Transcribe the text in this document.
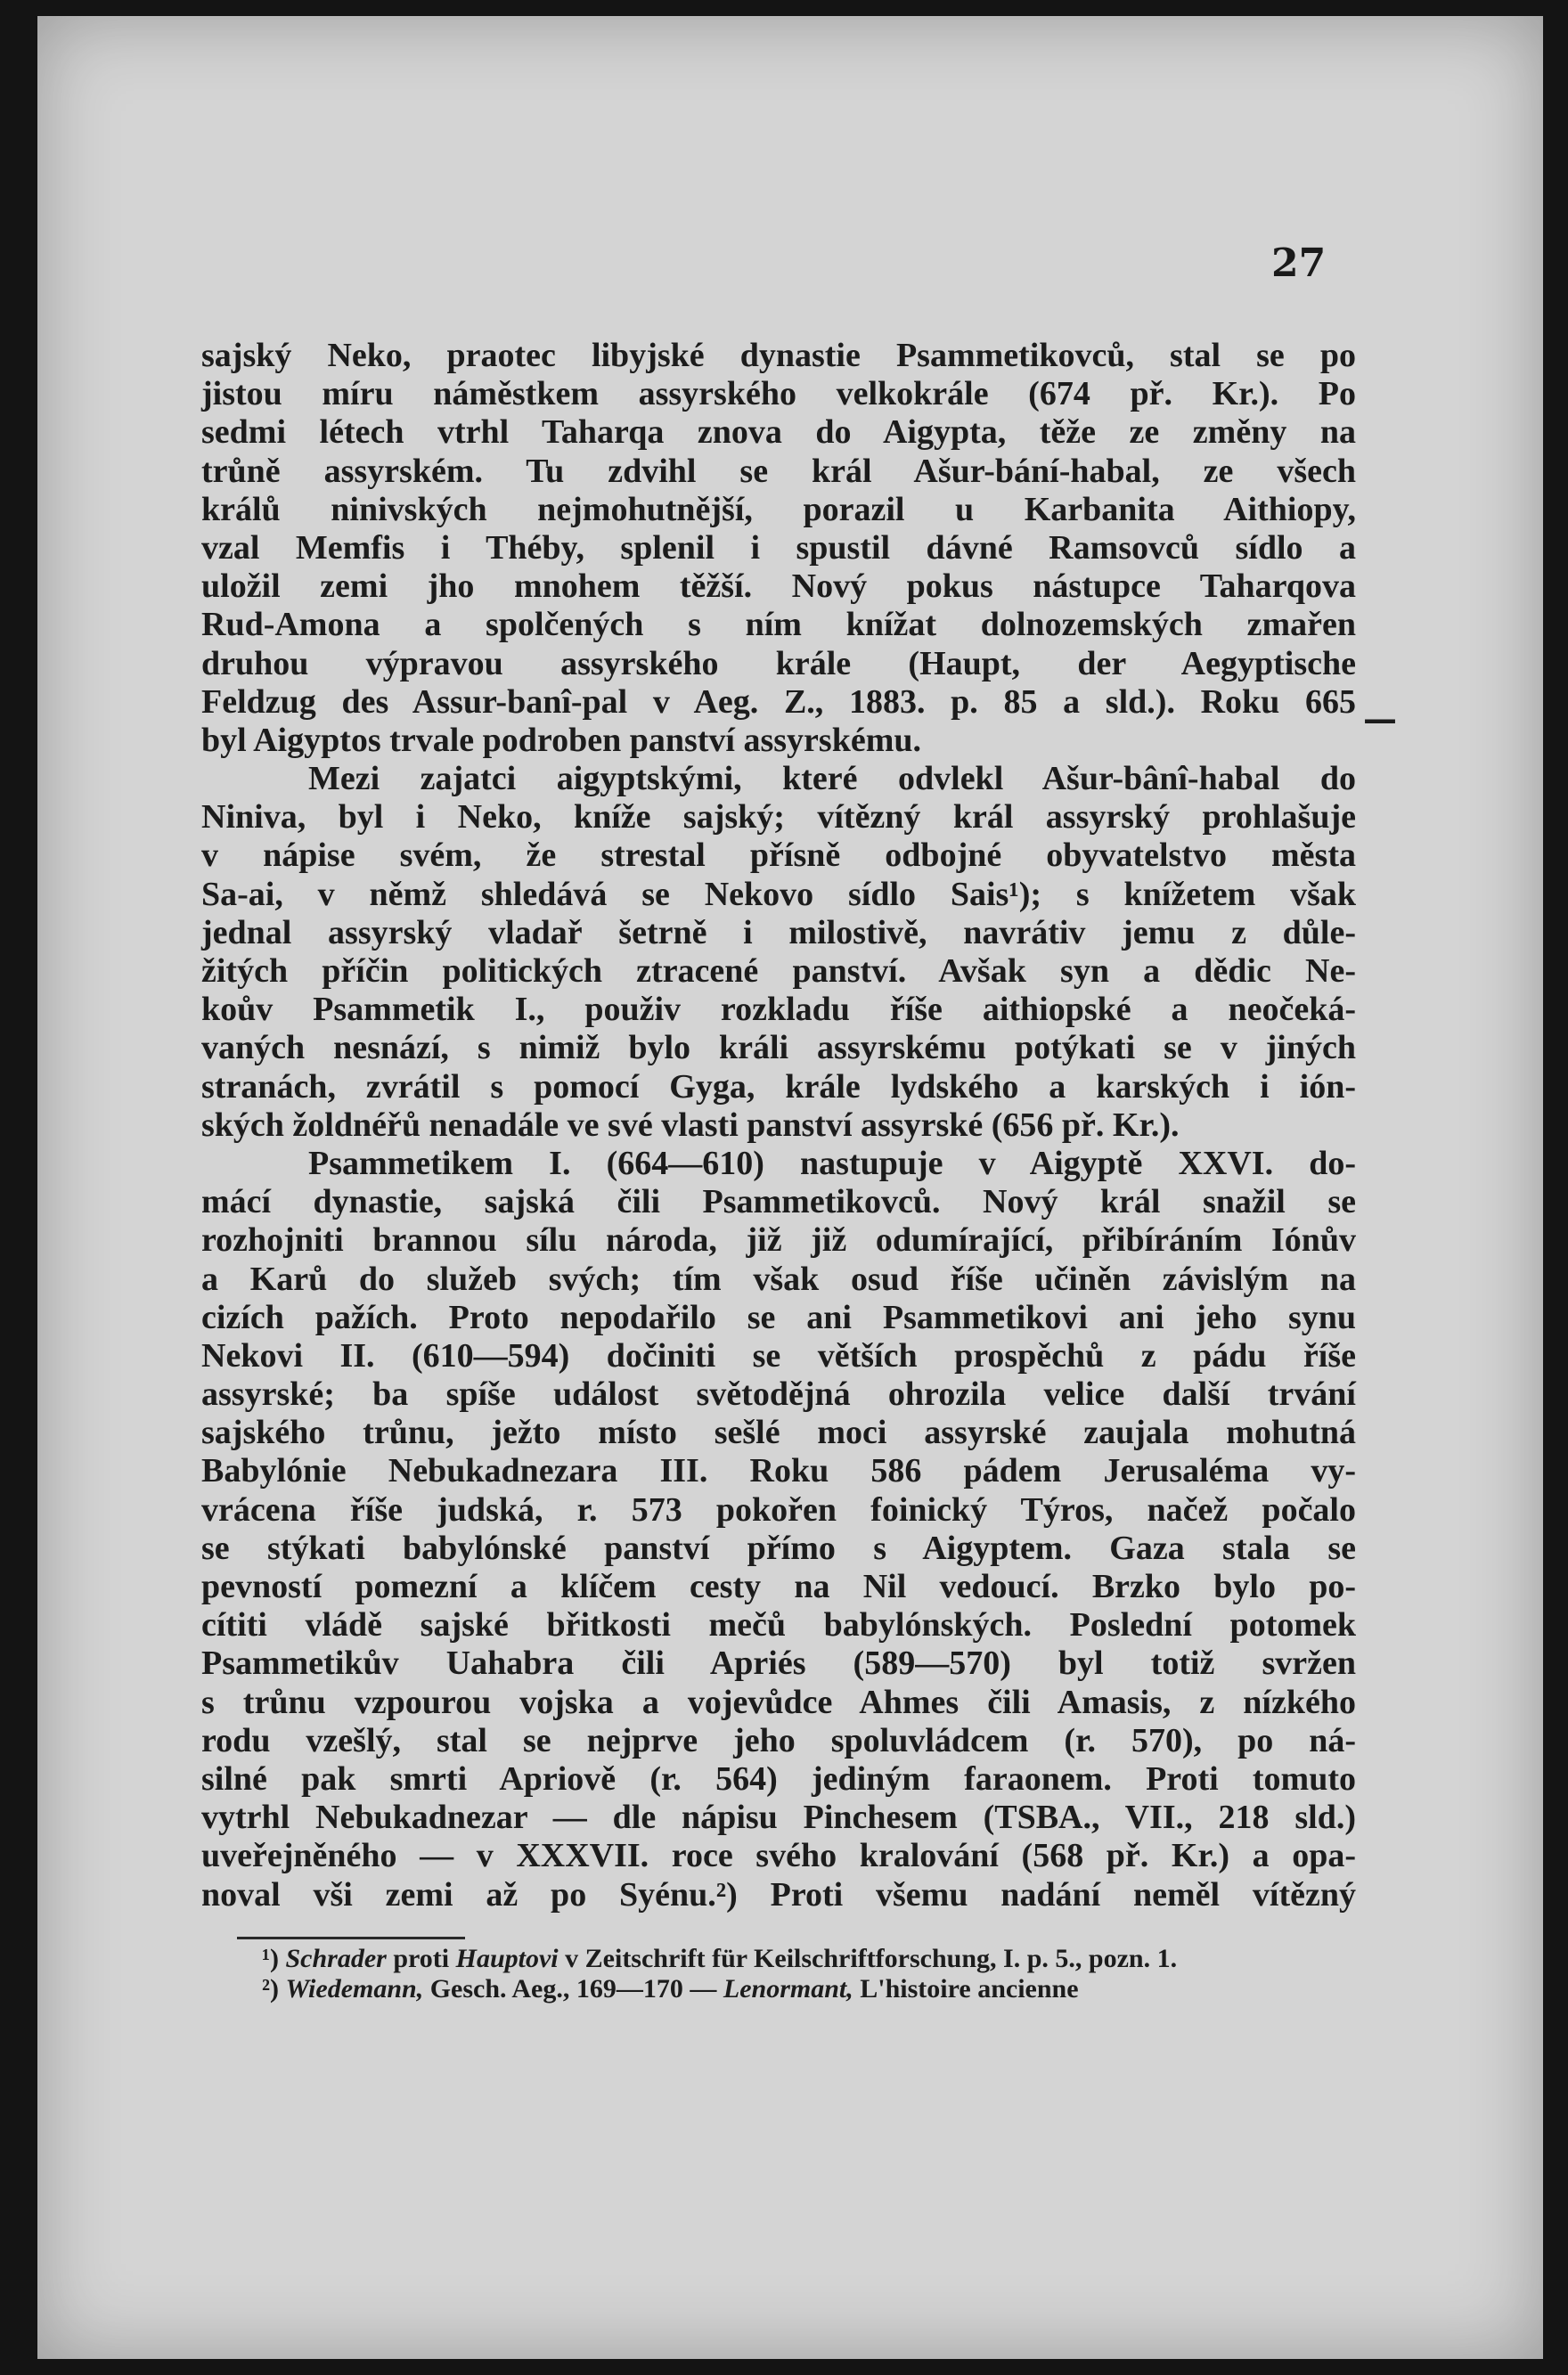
27
sajský Neko, praotec libyjské dynastie Psammetikovců, stal se po
jistou míru náměstkem assyrského velkokrále (674 př. Kr.). Po
sedmi létech vtrhl Taharqa znova do Aigypta, těže ze změny na
trůně assyrském. Tu zdvihl se král Ašur-bání-habal, ze všech
králů ninivských nejmohutnější, porazil u Karbanita Aithiopy,
vzal Memfis i Théby, splenil i spustil dávné Ramsovců sídlo a
uložil zemi jho mnohem těžší. Nový pokus nástupce Taharqova
Rud-Amona a spolčených s ním knížat dolnozemských zmařen
druhou výpravou assyrského krále (Haupt, der Aegyptische
Feldzug des Assur-banî-pal v Aeg. Z., 1883. p. 85 a sld.). Roku 665
byl Aigyptos trvale podroben panství assyrskému.
Mezi zajatci aigyptskými, které odvlekl Ašur-bânî-habal do
Niniva, byl i Neko, kníže sajský; vítězný král assyrský prohlašuje
v nápise svém, že strestal přísně odbojné obyvatelstvo města
Sa-ai, v němž shledává se Nekovo sídlo Sais¹); s knížetem však
jednal assyrský vladař šetrně i milostivě, navrátiv jemu z důle-
žitých příčin politických ztracené panství. Avšak syn a dědic Ne-
koův Psammetik I., použiv rozkladu říše aithiopské a neočeká-
vaných nesnází, s nimiž bylo králi assyrskému potýkati se v jiných
stranách, zvrátil s pomocí Gyga, krále lydského a karských i ión-
ských žoldnéřů nenadále ve své vlasti panství assyrské (656 př. Kr.).
Psammetikem I. (664—610) nastupuje v Aigyptě XXVI. do-
mácí dynastie, sajská čili Psammetikovců. Nový král snažil se
rozhojniti brannou sílu národa, již již odumírající, přibíráním Iónův
a Karů do služeb svých; tím však osud říše učiněn závislým na
cizích pažích. Proto nepodařilo se ani Psammetikovi ani jeho synu
Nekovi II. (610—594) dočiniti se větších prospěchů z pádu říše
assyrské; ba spíše událost světodějná ohrozila velice další trvání
sajského trůnu, ježto místo sešlé moci assyrské zaujala mohutná
Babylónie Nebukadnezara III. Roku 586 pádem Jerusaléma vy-
vrácena říše judská, r. 573 pokořen foinický Týros, načež počalo
se stýkati babylónské panství přímo s Aigyptem. Gaza stala se
pevností pomezní a klíčem cesty na Nil vedoucí. Brzko bylo po-
cítiti vládě sajské břitkosti mečů babylónských. Poslední potomek
Psammetikův Uahabra čili Apriés (589—570) byl totiž svržen
s trůnu vzpourou vojska a vojevůdce Ahmes čili Amasis, z nízkého
rodu vzešlý, stal se nejprve jeho spoluvládcem (r. 570), po ná-
silné pak smrti Apriově (r. 564) jediným faraonem. Proti tomuto
vytrhl Nebukadnezar — dle nápisu Pinchesem (TSBA., VII., 218 sld.)
uveřejněného — v XXXVII. roce svého kralování (568 př. Kr.) a opa-
noval vši zemi až po Syénu.²) Proti všemu nadání neměl vítězný
—
¹) Schrader proti Hauptovi v Zeitschrift für Keilschriftforschung, I. p. 5., pozn. 1.
²) Wiedemann, Gesch. Aeg., 169—170 — Lenormant, L'histoire ancienne
